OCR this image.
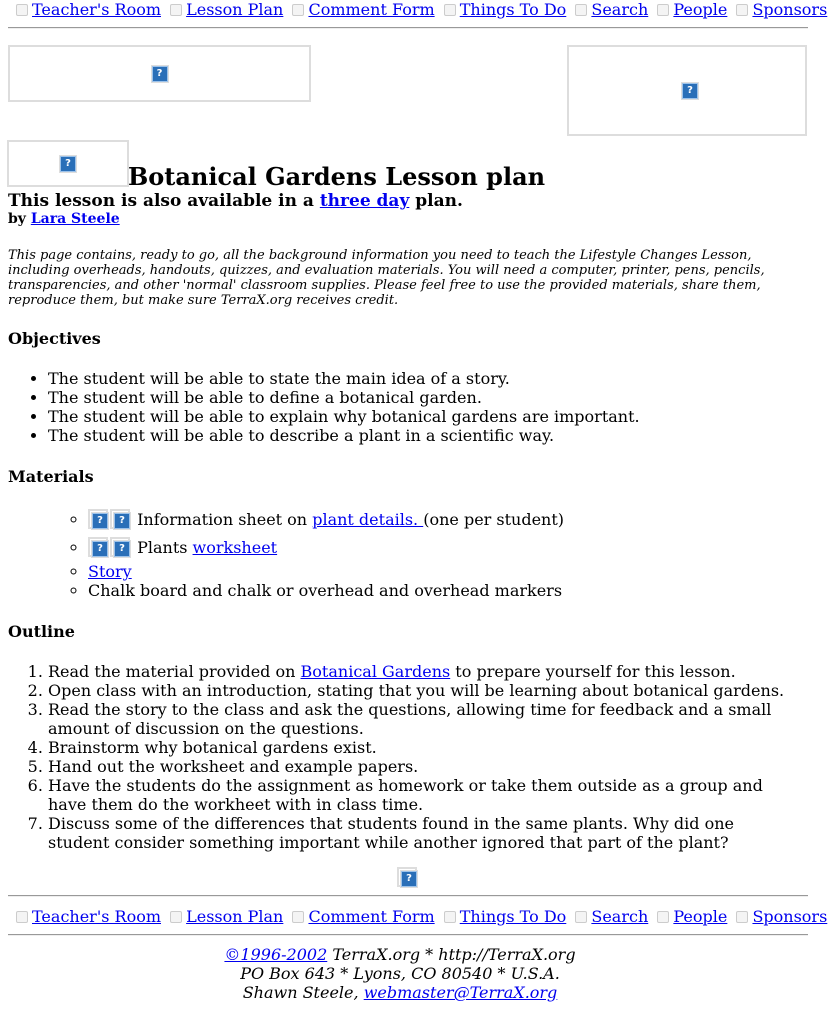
Teacher's Room Lesson Plan Comment Form Things To Do Search People Sponsors
?
?
? Botanical Gardens Lesson plan
This lesson is also available in a three day plan.
by Lara Steele
This page contains, ready to go, all the background information you need to teach the Lifestyle Changes Lesson, including overheads, handouts, quizzes, and evaluation materials. You will need a computer, printer, pens, pencils, transparencies, and other 'normal' classroom supplies. Please feel free to use the provided materials, share them, reproduce them, but make sure TerraX.org receives credit.
Objectives
• The student will be able to state the main idea of a story.
• The student will be able to define a botanical garden.
• The student will be able to explain why botanical gardens are important.
• The student will be able to describe a plant in a scientific way.
Materials
◦ ?	? Information sheet on plant details. (one per student)
◦ ?	? Plants worksheet
◦ Story
◦ Chalk board and chalk or overhead and overhead markers
Outline
1. Read the material provided on Botanical Gardens to prepare yourself for this lesson.
2. Open class with an introduction, stating that you will be learning about botanical gardens.
3. Read the story to the class and ask the questions, allowing time for feedback and a small amount of discussion on the questions.
4. Brainstorm why botanical gardens exist.
5. Hand out the worksheet and example papers.
6. Have the students do the assignment as homework or take them outside as a group and have them do the workheet with in class time.
7. Discuss some of the differences that students found in the same plants. Why did one student consider something important while another ignored that part of the plant?
?
Teacher's Room Lesson Plan Comment Form Things To Do Search People Sponsors
©1996-2002 TerraX.org * http://TerraX.org
PO Box 643 * Lyons, CO 80540 * U.S.A.
Shawn Steele, webmaster@TerraX.org
